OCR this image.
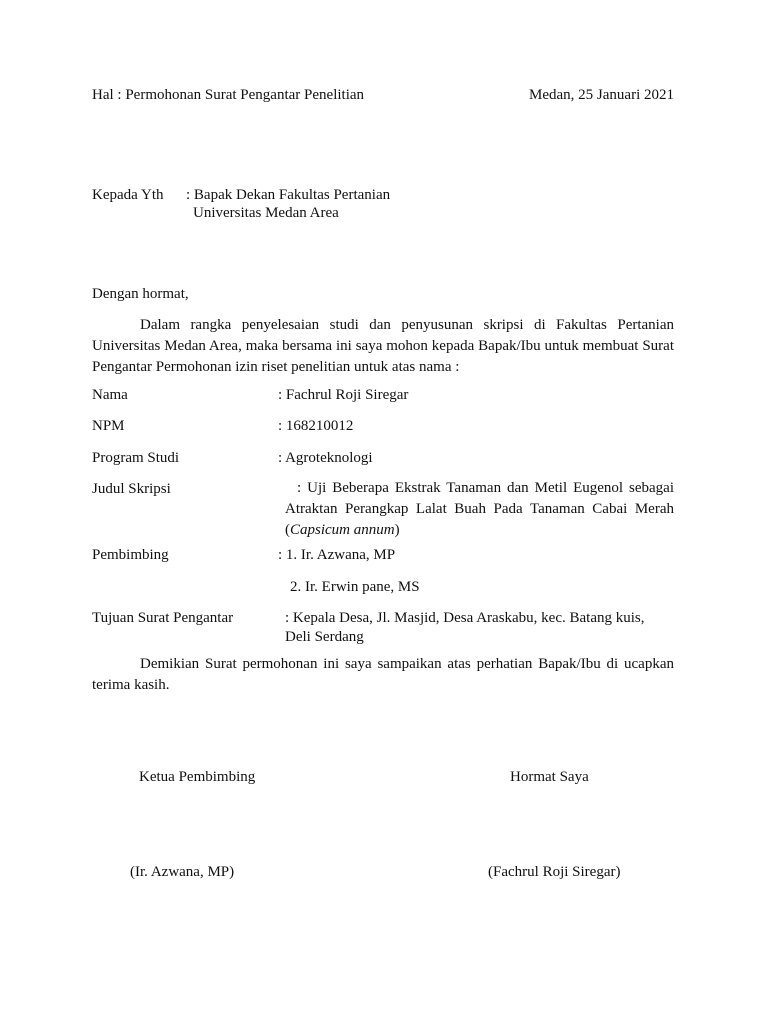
Hal : Permohonan Surat Pengantar Penelitian	Medan, 25 Januari 2021
Kepada Yth : Bapak Dekan Fakultas Pertanian
Universitas Medan Area
Dengan hormat,
Dalam rangka penyelesaian studi dan penyusunan skripsi di Fakultas Pertanian Universitas Medan Area, maka bersama ini saya mohon kepada Bapak/Ibu untuk membuat Surat Pengantar Permohonan izin riset penelitian untuk atas nama :
Nama	: Fachrul Roji Siregar
NPM	: 168210012
Program Studi	: Agroteknologi
Judul Skripsi	: Uji Beberapa Ekstrak Tanaman dan Metil Eugenol sebagai Atraktan Perangkap Lalat Buah Pada Tanaman Cabai Merah (Capsicum annum)
Pembimbing	: 1. Ir. Azwana, MP
2. Ir. Erwin pane, MS
Tujuan Surat Pengantar	: Kepala Desa, Jl. Masjid, Desa Araskabu, kec. Batang kuis,
Deli Serdang
Demikian Surat permohonan ini saya sampaikan atas perhatian Bapak/Ibu di ucapkan terima kasih.
Ketua Pembimbing	Hormat Saya
(Ir. Azwana, MP)	(Fachrul Roji Siregar)
